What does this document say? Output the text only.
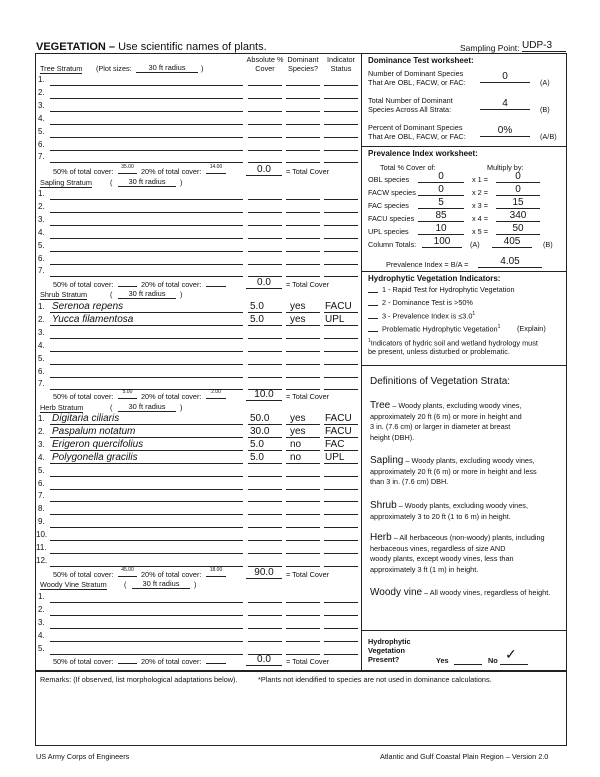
VEGETATION – Use scientific names of plants.	Sampling Point: UDP-3
Absolute % Cover
Dominant Species?
Indicator Status
Tree Stratum (Plot sizes:	30 ft radius	)
1.
2.
3.
4.
5.
6.
7.
50% of total cover:	35.00 20% of total cover:	14.00	0.0	= Total Cover
Sapling Stratum (	30 ft radius	)
1.
2.
3.
4.
5.
6.
7.
50% of total cover:	20% of total cover:	0.0	= Total Cover
Shrub Stratum	(	30 ft radius	)
1. Serenoa repens	5.0	yes FACU
2. Yucca filamentosa	5.0	yes UPL
3.
4.
5.
6.
7.
50% of total cover:	5.00	20% of total cover:	2.00	10.0	= Total Cover
Herb Stratum	(	30 ft radius	)
1. Digitaria ciliaris	50.0 yes FACU
2. Paspalum notatum	30.0 yes FACU
3. Erigeron quercifolius	5.0	no FAC
4. Polygonella gracilis	5.0	no UPL
5.
6.
7.
8.
9.
10.
11.
12.
50% of total cover:	45.00 20% of total cover:	18.00	90.0	= Total Cover
Woody Vine Stratum (	30 ft radius	)
1.
2.
3.
4.
5.
50% of total cover:	20% of total cover:	0.0	= Total Cover
Dominance Test worksheet:
Number of Dominant Species
That Are OBL, FACW, or FAC:
0
(A)
Total Number of Dominant
Species Across All Strata:
4
(B)
Percent of Dominant Species
That Are OBL, FACW, or FAC:
0%
(A/B)
Prevalence Index worksheet:
Total % Cover of:	Multiply by:
OBL species	0	x 1 =	0
FACW species	0	x 2 =	0
FAC species	5	x 3 =	15
FACU species	85	x 4 =	340
UPL species	10	x 5 =	50
Column Totals:	100	(A)	405	(B)
Prevalence Index = B/A =	4.05
Hydrophytic Vegetation Indicators:
1 - Rapid Test for Hydrophytic Vegetation
2 - Dominance Test is >50%
3 - Prevalence Index is $\le 3.0^1$
Problematic Hydrophytic Vegetation$^1$ (Explain)
$^1$Indicators of hydric soil and wetland hydrology must
be present, unless disturbed or problematic.
Definitions of Vegetation Strata:
Tree – Woody plants, excluding woody vines,
approximately 20 ft (6 m) or more in height and
3 in. (7.6 cm) or larger in diameter at breast
height (DBH).
Sapling – Woody plants, excluding woody vines,
approximately 20 ft (6 m) or more in height and less
than 3 in. (7.6 cm) DBH.
Shrub – Woody plants, excluding woody vines,
approximately 3 to 20 ft (1 to 6 m) in height.
Herb – All herbaceous (non-woody) plants, including
herbaceous vines, regardless of size AND
woody plants, except woody vines, less than
approximately 3 ft (1 m) in height.
Woody vine – All woody vines, regardless of height.
Hydrophytic
Vegetation
Present?	Yes	No ✓
Remarks: (If observed, list morphological adaptations below).	*Plants not idendified to species are not used in dominance calculations.
US Army Corps of Engineers	Atlantic and Gulf Coastal Plain Region – Version 2.0
